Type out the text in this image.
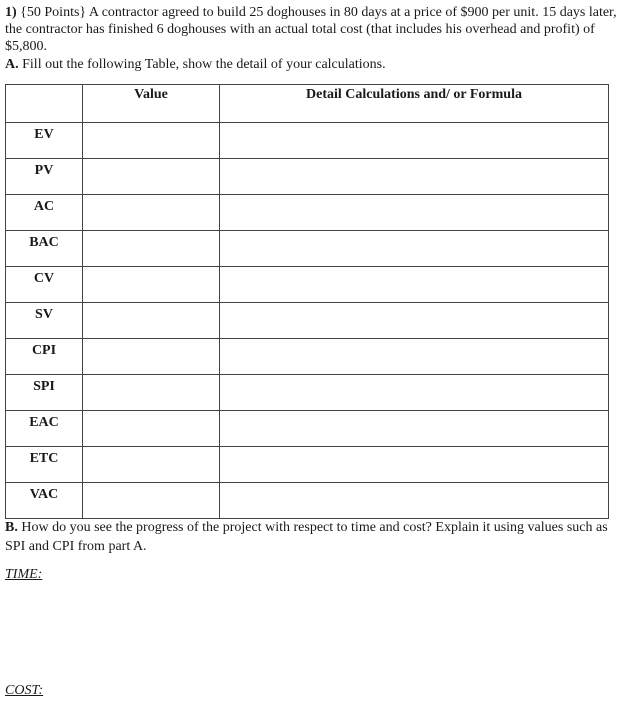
1) {50 Points} A contractor agreed to build 25 doghouses in 80 days at a price of $900 per unit. 15 days later, the contractor has finished 6 doghouses with an actual total cost (that includes his overhead and profit) of $5,800.
A. Fill out the following Table, show the detail of your calculations.
	Value	Detail Calculations and/ or Formula
EV		
PV		
AC		
BAC		
CV		
SV		
CPI		
SPI		
EAC		
ETC		
VAC		
B. How do you see the progress of the project with respect to time and cost? Explain it using values such as SPI and CPI from part A.
TIME:
COST:
